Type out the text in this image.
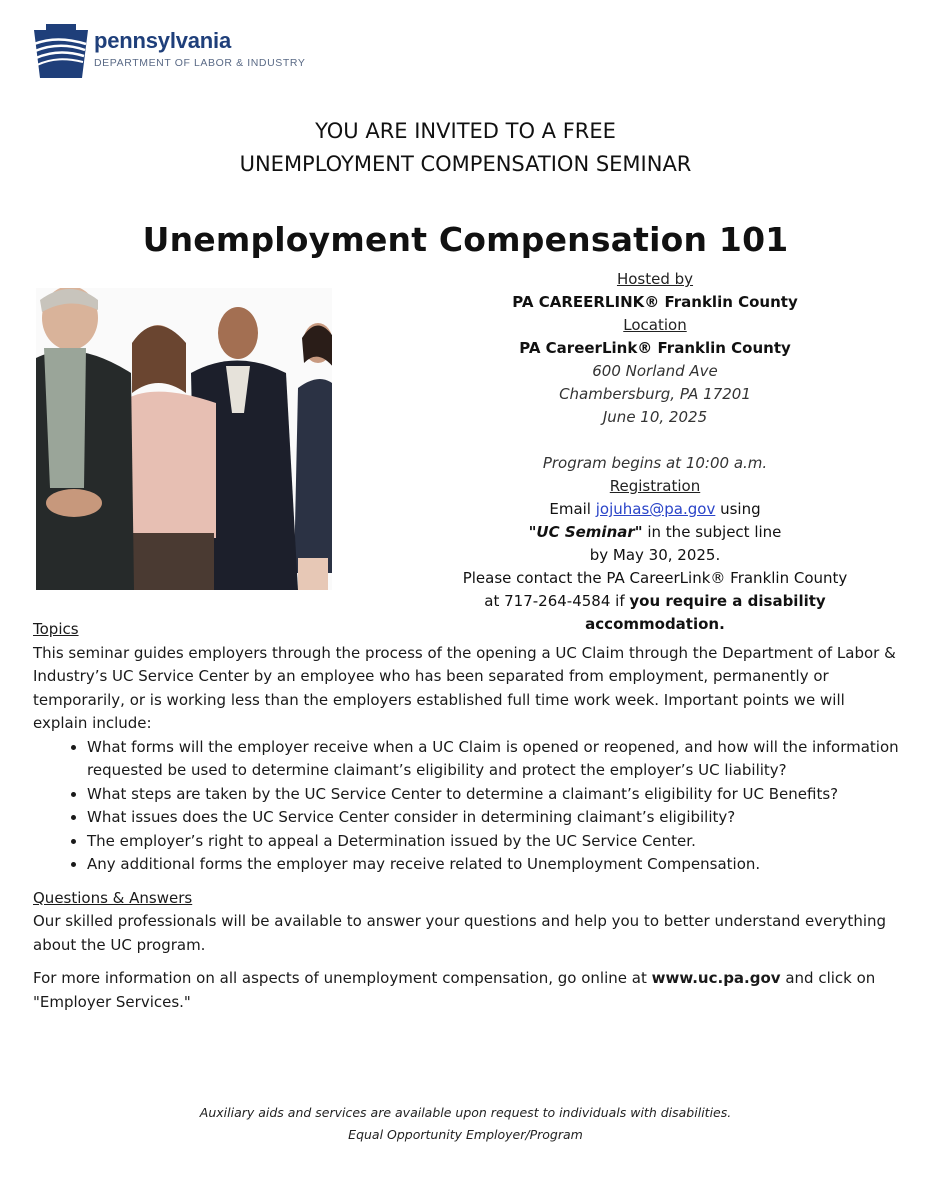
pennsylvania
DEPARTMENT OF LABOR & INDUSTRY
YOU ARE INVITED TO A FREE
UNEMPLOYMENT COMPENSATION SEMINAR
Unemployment Compensation 101
Hosted by
PA CAREERLINK® Franklin County
Location
PA CareerLink® Franklin County
600 Norland Ave
Chambersburg, PA 17201
June 10, 2025
Program begins at 10:00 a.m.
Registration
Email jojuhas@pa.gov using
"UC Seminar" in the subject line
by May 30, 2025.
Please contact the PA CareerLink® Franklin County
at 717-264-4584 if you require a disability
accommodation.
Topics

This seminar guides employers through the process of the opening a UC Claim through the Department of Labor & Industry’s UC Service Center by an employee who has been separated from employment, permanently or temporarily, or is working less than the employers established full time work week. Important points we will explain include:

• What forms will the employer receive when a UC Claim is opened or reopened, and how will the information requested be used to determine claimant’s eligibility and protect the employer’s UC liability?
• What steps are taken by the UC Service Center to determine a claimant’s eligibility for UC Benefits?
• What issues does the UC Service Center consider in determining claimant’s eligibility?
• The employer’s right to appeal a Determination issued by the UC Service Center.
• Any additional forms the employer may receive related to Unemployment Compensation.
Questions & Answers

Our skilled professionals will be available to answer your questions and help you to better understand everything about the UC program.

For more information on all aspects of unemployment compensation, go online at www.uc.pa.gov and click on "Employer Services."

Auxiliary aids and services are available upon request to individuals with disabilities.
Equal Opportunity Employer/Program
